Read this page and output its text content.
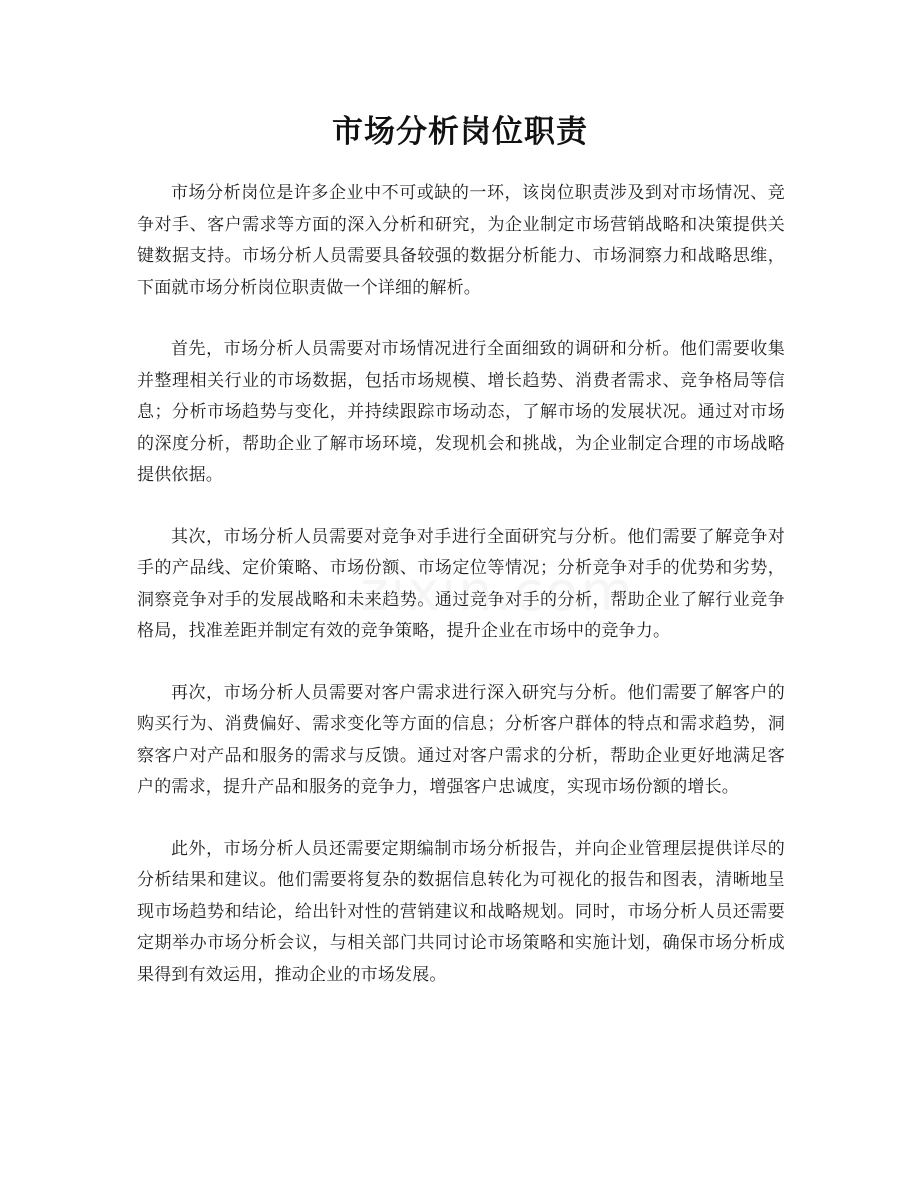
市场分析岗位职责

市场分析岗位是许多企业中不可或缺的一环，该岗位职责涉及到对市场情况、竞争对手、客户需求等方面的深入分析和研究，为企业制定市场营销战略和决策提供关键数据支持。市场分析人员需要具备较强的数据分析能力、市场洞察力和战略思维，下面就市场分析岗位职责做一个详细的解析。

首先，市场分析人员需要对市场情况进行全面细致的调研和分析。他们需要收集并整理相关行业的市场数据，包括市场规模、增长趋势、消费者需求、竞争格局等信息；分析市场趋势与变化，并持续跟踪市场动态，了解市场的发展状况。通过对市场的深度分析，帮助企业了解市场环境，发现机会和挑战，为企业制定合理的市场战略提供依据。

其次，市场分析人员需要对竞争对手进行全面研究与分析。他们需要了解竞争对手的产品线、定价策略、市场份额、市场定位等情况；分析竞争对手的优势和劣势，洞察竞争对手的发展战略和未来趋势。通过竞争对手的分析，帮助企业了解行业竞争格局，找准差距并制定有效的竞争策略，提升企业在市场中的竞争力。

再次，市场分析人员需要对客户需求进行深入研究与分析。他们需要了解客户的购买行为、消费偏好、需求变化等方面的信息；分析客户群体的特点和需求趋势，洞察客户对产品和服务的需求与反馈。通过对客户需求的分析，帮助企业更好地满足客户的需求，提升产品和服务的竞争力，增强客户忠诚度，实现市场份额的增长。

此外，市场分析人员还需要定期编制市场分析报告，并向企业管理层提供详尽的分析结果和建议。他们需要将复杂的数据信息转化为可视化的报告和图表，清晰地呈现市场趋势和结论，给出针对性的营销建议和战略规划。同时，市场分析人员还需要定期举办市场分析会议，与相关部门共同讨论市场策略和实施计划，确保市场分析成果得到有效运用，推动企业的市场发展。
